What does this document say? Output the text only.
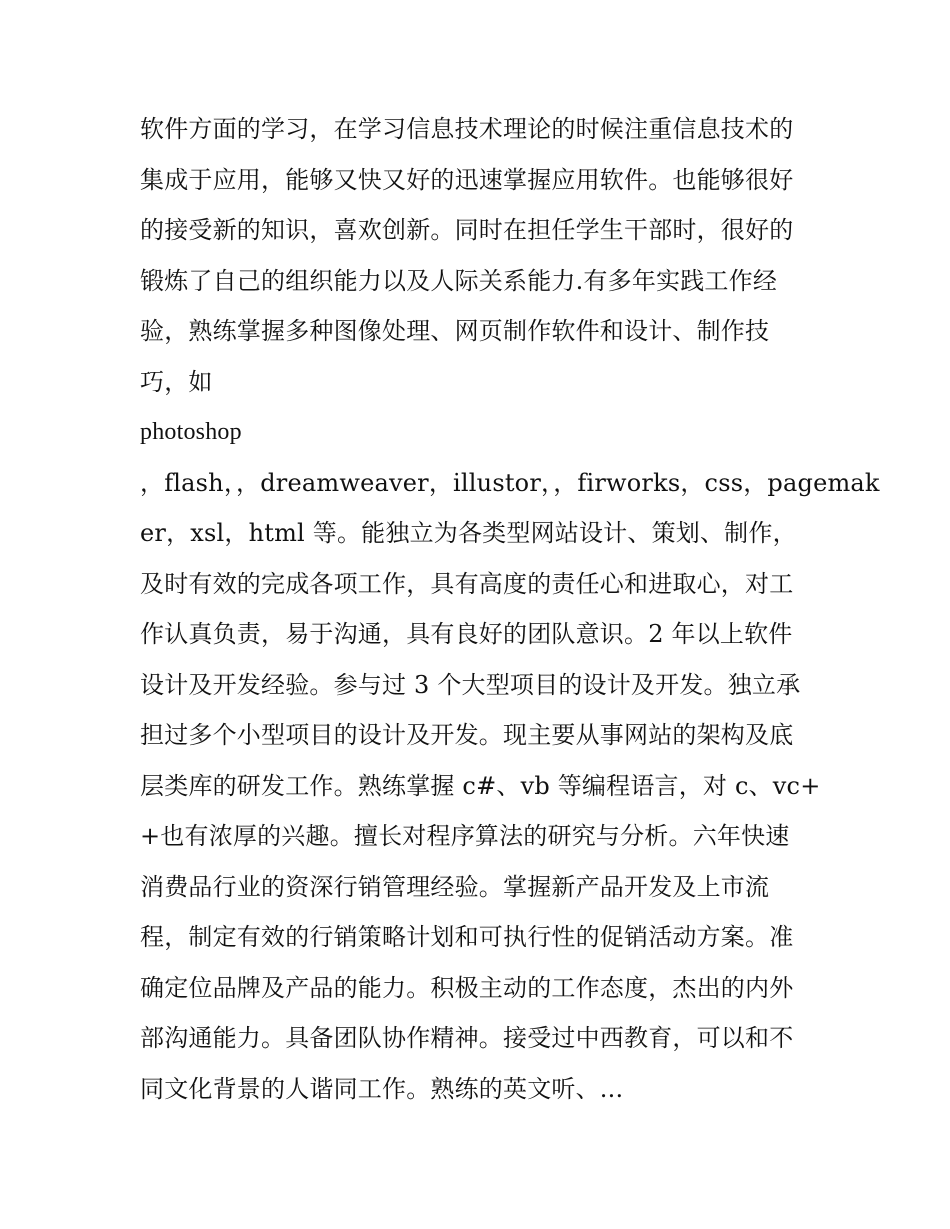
软件方面的学习，在学习信息技术理论的时候注重信息技术的
集成于应用，能够又快又好的迅速掌握应用软件。也能够很好
的接受新的知识，喜欢创新。同时在担任学生干部时，很好的
锻炼了自己的组织能力以及人际关系能力.有多年实践工作经
验，熟练掌握多种图像处理、网页制作软件和设计、制作技
巧，如
photoshop
，flash，，dreamweaver，illustor，，firworks，css，pagemak
er，xsl，html 等。能独立为各类型网站设计、策划、制作，
及时有效的完成各项工作，具有高度的责任心和进取心，对工
作认真负责，易于沟通，具有良好的团队意识。2 年以上软件
设计及开发经验。参与过 3 个大型项目的设计及开发。独立承
担过多个小型项目的设计及开发。现主要从事网站的架构及底
层类库的研发工作。熟练掌握 c#、vb 等编程语言，对 c、vc+
+也有浓厚的兴趣。擅长对程序算法的研究与分析。六年快速
消费品行业的资深行销管理经验。掌握新产品开发及上市流
程，制定有效的行销策略计划和可执行性的促销活动方案。准
确定位品牌及产品的能力。积极主动的工作态度，杰出的内外
部沟通能力。具备团队协作精神。接受过中西教育，可以和不
同文化背景的人谐同工作。熟练的英文听、...
